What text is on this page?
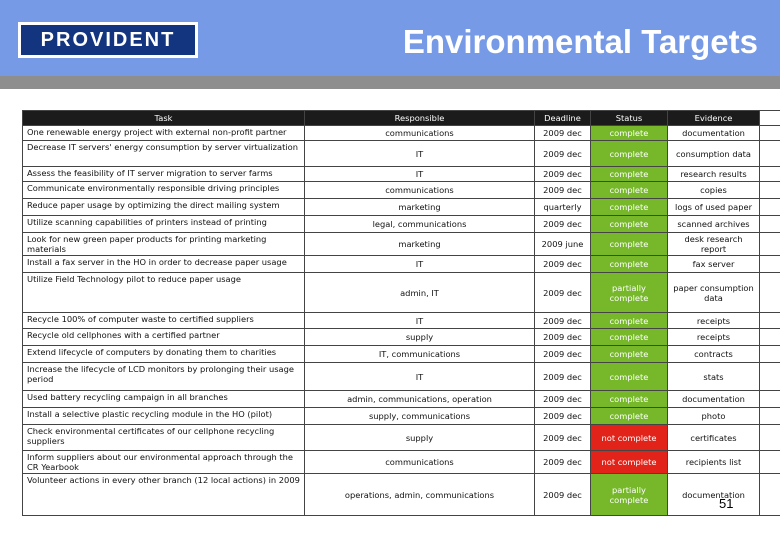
PROVIDENT	Environmental Targets
Task	Responsible	Deadline	Status	Evidence	
One renewable energy project with external non-profit partner	communications	2009 dec	complete	documentation	
Decrease IT servers' energy consumption by server virtualization	IT	2009 dec	complete	consumption data	
Assess the feasibility of IT server migration to server farms	IT	2009 dec	complete	research results	
Communicate environmentally responsible driving principles	communications	2009 dec	complete	copies	
Reduce paper usage by optimizing the direct mailing system	marketing	quarterly	complete	logs of used paper	
Utilize scanning capabilities of printers instead of printing	legal, communications	2009 dec	complete	scanned archives	
Look for new green paper products for printing marketing materials	marketing	2009 june	complete	desk research report	
Install a fax server in the HO in order to decrease paper usage	IT	2009 dec	complete	fax server	
Utilize Field Technology pilot to reduce paper usage	admin, IT	2009 dec	partially complete	paper consumption data	
Recycle 100% of computer waste to certified suppliers	IT	2009 dec	complete	receipts	
Recycle old cellphones with a certified partner	supply	2009 dec	complete	receipts	
Extend lifecycle of computers by donating them to charities	IT, communications	2009 dec	complete	contracts	
Increase the lifecycle of LCD monitors by prolonging their usage period	IT	2009 dec	complete	stats	
Used battery recycling campaign in all branches	admin, communications, operation	2009 dec	complete	documentation	
Install a selective plastic recycling module in the HO (pilot)	supply, communications	2009 dec	complete	photo	
Check environmental certificates of our cellphone recycling suppliers	supply	2009 dec	not complete	certificates	
Inform suppliers about our environmental approach through the CR Yearbook	communications	2009 dec	not complete	recipients list	
Volunteer actions in every other branch (12 local actions) in 2009	operations, admin, communications	2009 dec	partially complete	documentation	
51
